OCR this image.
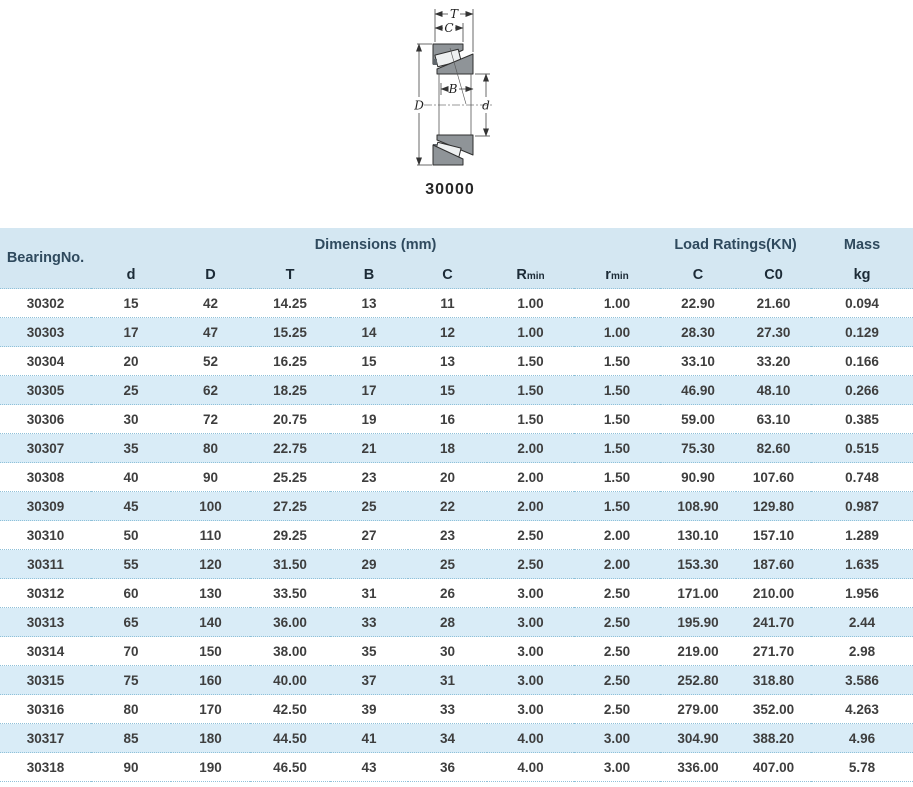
T
C
D	d
B
30000
BearingNo.	Dimensions (mm)							Load Ratings(KN)		Mass
	d	D	T	B	C	Rmin	rmin	C	C0	kg
30302	15	42	14.25	13	11	1.00	1.00	22.90	21.60	0.094
30303	17	47	15.25	14	12	1.00	1.00	28.30	27.30	0.129
30304	20	52	16.25	15	13	1.50	1.50	33.10	33.20	0.166
30305	25	62	18.25	17	15	1.50	1.50	46.90	48.10	0.266
30306	30	72	20.75	19	16	1.50	1.50	59.00	63.10	0.385
30307	35	80	22.75	21	18	2.00	1.50	75.30	82.60	0.515
30308	40	90	25.25	23	20	2.00	1.50	90.90	107.60	0.748
30309	45	100	27.25	25	22	2.00	1.50	108.90	129.80	0.987
30310	50	110	29.25	27	23	2.50	2.00	130.10	157.10	1.289
30311	55	120	31.50	29	25	2.50	2.00	153.30	187.60	1.635
30312	60	130	33.50	31	26	3.00	2.50	171.00	210.00	1.956
30313	65	140	36.00	33	28	3.00	2.50	195.90	241.70	2.44
30314	70	150	38.00	35	30	3.00	2.50	219.00	271.70	2.98
30315	75	160	40.00	37	31	3.00	2.50	252.80	318.80	3.586
30316	80	170	42.50	39	33	3.00	2.50	279.00	352.00	4.263
30317	85	180	44.50	41	34	4.00	3.00	304.90	388.20	4.96
30318	90	190	46.50	43	36	4.00	3.00	336.00	407.00	5.78
